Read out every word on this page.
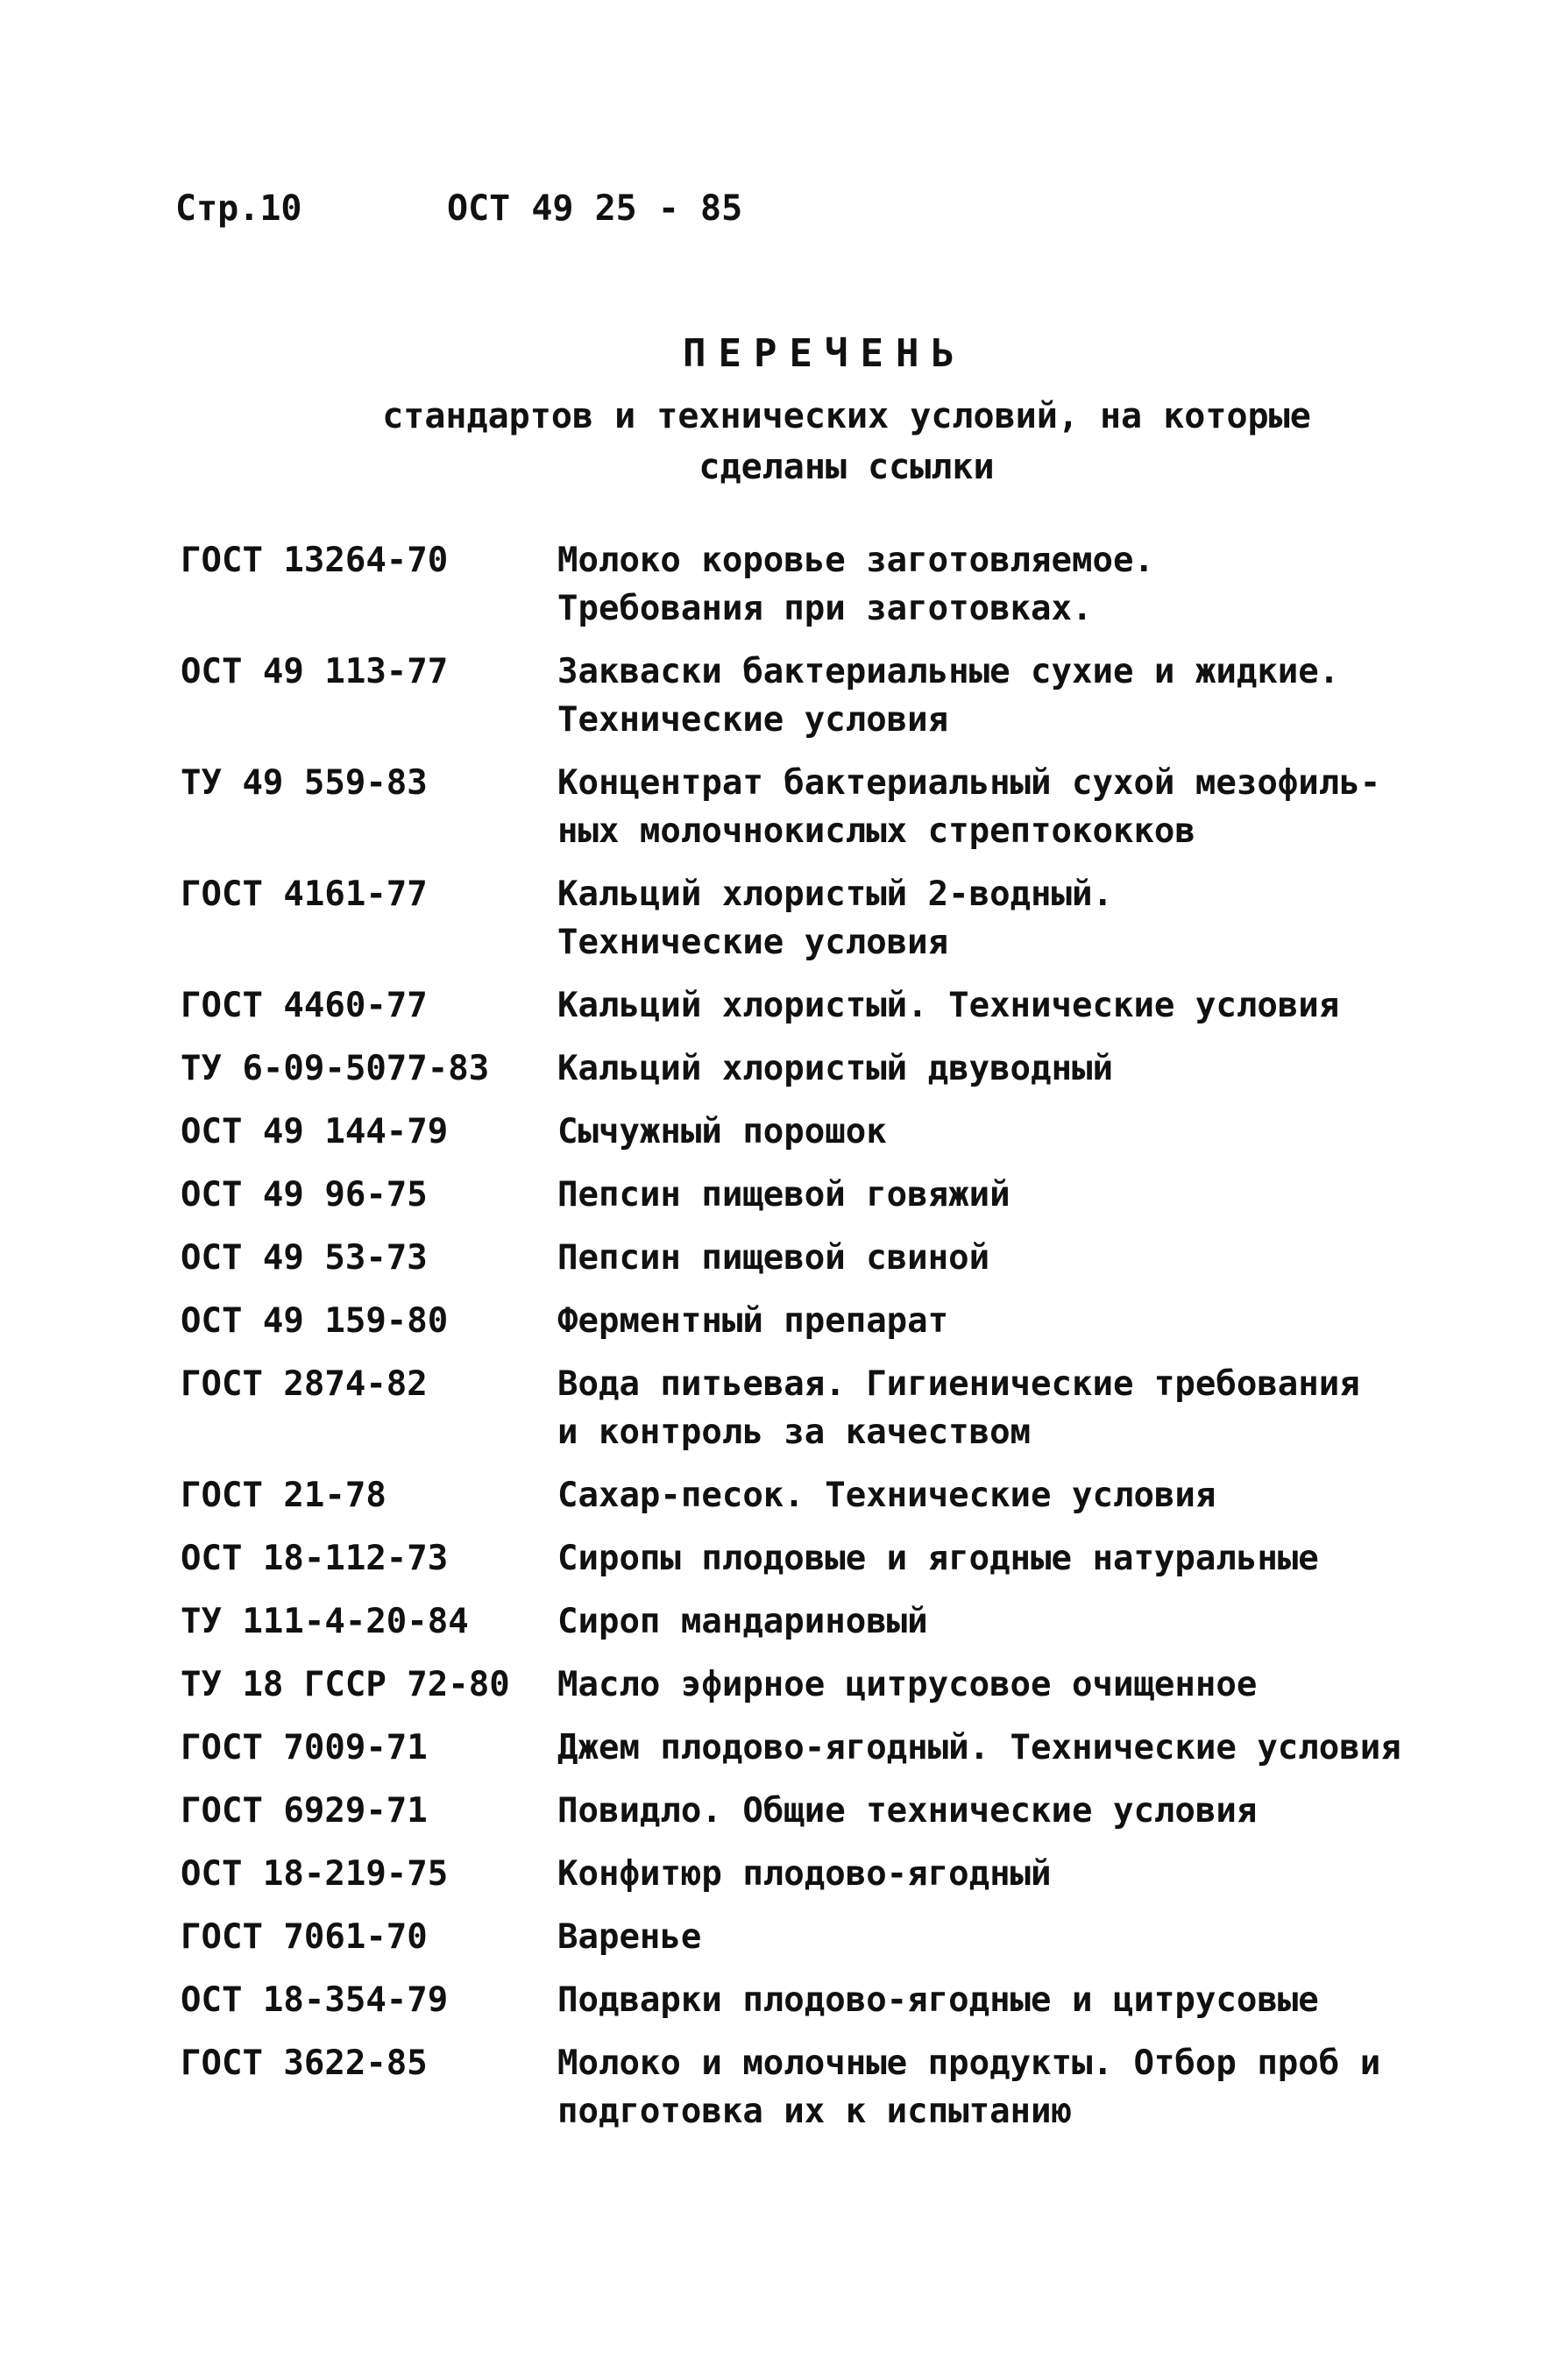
Стр.10	ОСТ 49 25 - 85
ПЕРЕЧЕНЬ
стандартов и технических условий, на которые
сделаны ссылки
ГОСТ 13264-70	Молоко коровье заготовляемое.
Требования при заготовках.
ОСТ 49 113-77	Закваски бактериальные сухие и жидкие.
Технические условия
ТУ 49 559-83	Концентрат бактериальный сухой мезофиль-
ных молочнокислых стрептококков
ГОСТ 4161-77	Кальций хлористый 2-водный.
Технические условия
ГОСТ 4460-77	Кальций хлористый. Технические условия
ТУ 6-09-5077-83	Кальций хлористый двуводный
ОСТ 49 144-79	Сычужный порошок
ОСТ 49 96-75	Пепсин пищевой говяжий
ОСТ 49 53-73	Пепсин пищевой свиной
ОСТ 49 159-80	Ферментный препарат
ГОСТ 2874-82	Вода питьевая. Гигиенические требования
и контроль за качеством
ГОСТ 21-78	Сахар-песок. Технические условия
ОСТ 18-112-73	Сиропы плодовые и ягодные натуральные
ТУ 111-4-20-84	Сироп мандариновый
ТУ 18 ГССР 72-80	Масло эфирное цитрусовое очищенное
ГОСТ 7009-71	Джем плодово-ягодный. Технические условия
ГОСТ 6929-71	Повидло. Общие технические условия
ОСТ 18-219-75	Конфитюр плодово-ягодный
ГОСТ 7061-70	Варенье
ОСТ 18-354-79	Подварки плодово-ягодные и цитрусовые
ГОСТ 3622-85	Молоко и молочные продукты. Отбор проб и
подготовка их к испытанию
